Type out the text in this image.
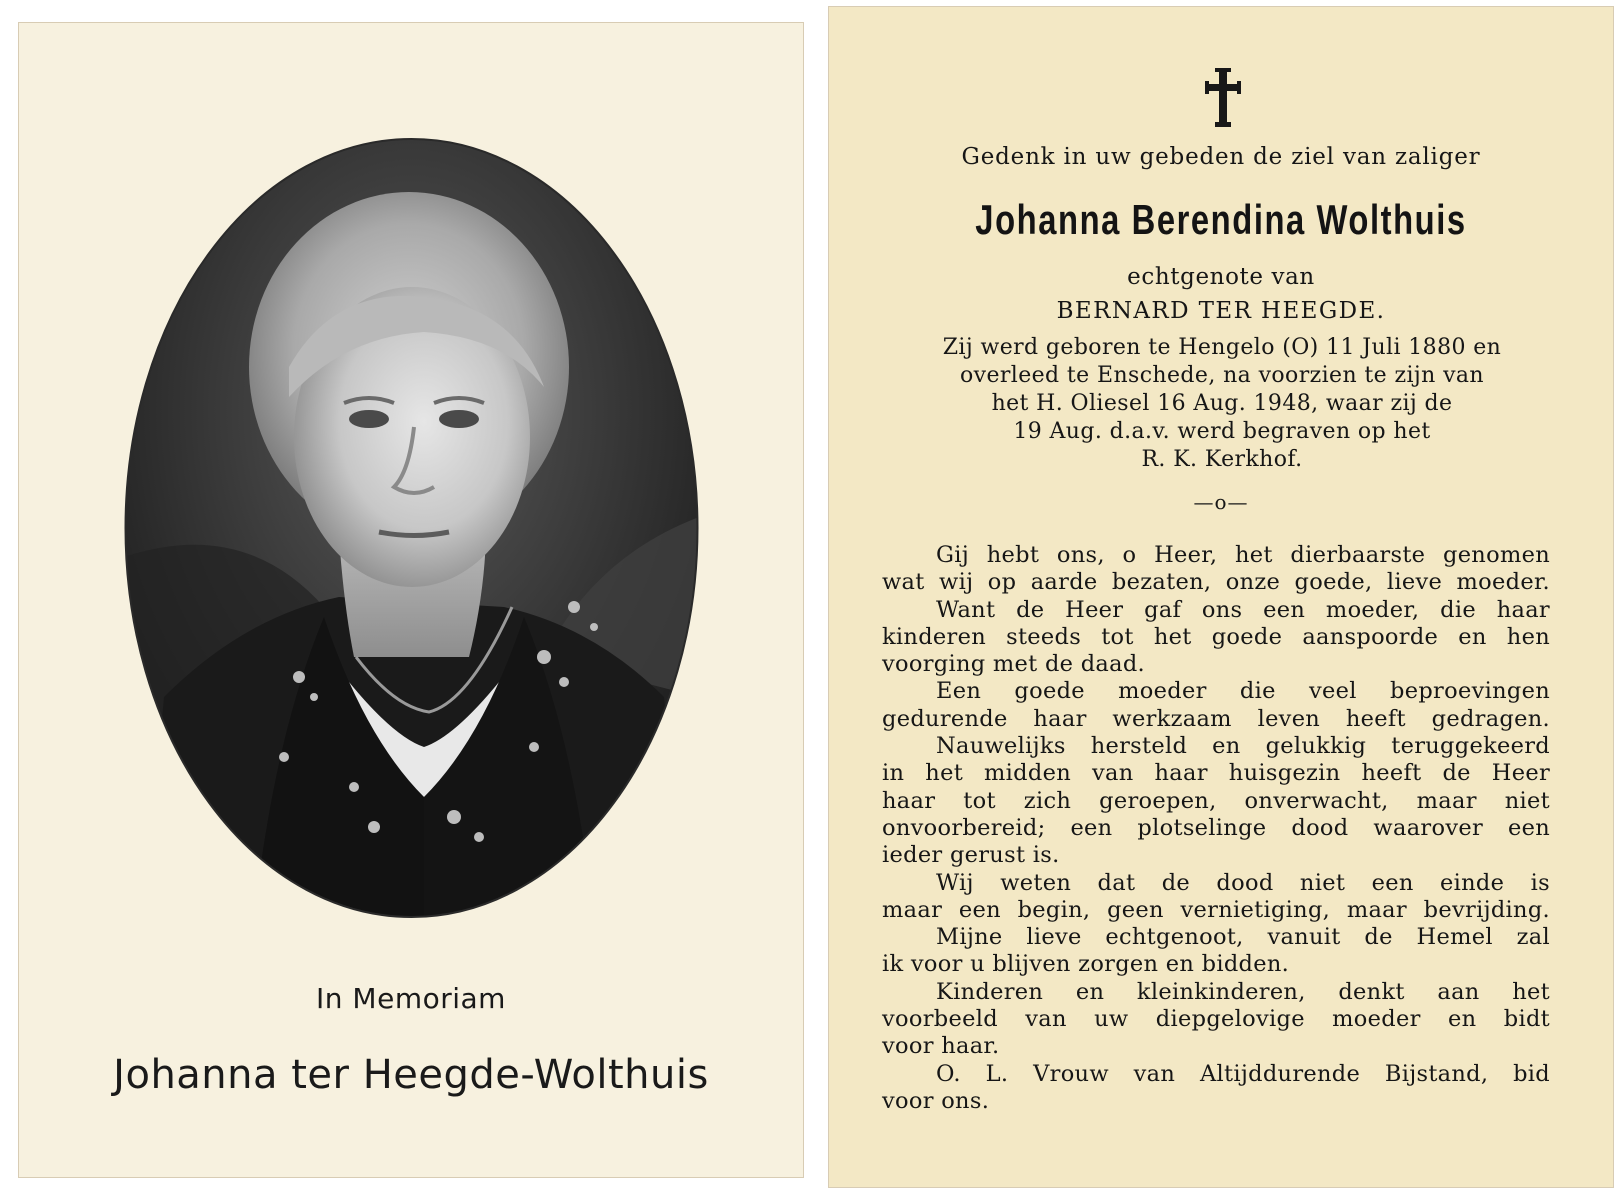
In Memoriam
Johanna ter Heegde-Wolthuis
Gedenk in uw gebeden de ziel van zaliger
Johanna Berendina Wolthuis
echtgenote van
BERNARD TER HEEGDE.
Zij werd geboren te Hengelo (O) 11 Juli 1880 en
overleed te Enschede, na voorzien te zijn van
het H. Oliesel 16 Aug. 1948, waar zij de
19 Aug. d.a.v. werd begraven op het
R. K. Kerkhof.
—o—
Gij hebt ons, o Heer, het dierbaarste genomen
wat wij op aarde bezaten, onze goede, lieve moeder.
Want de Heer gaf ons een moeder, die haar
kinderen steeds tot het goede aanspoorde en hen
voorging met de daad.
Een goede moeder die veel beproevingen
gedurende haar werkzaam leven heeft gedragen.
Nauwelijks hersteld en gelukkig teruggekeerd
in het midden van haar huisgezin heeft de Heer
haar tot zich geroepen, onverwacht, maar niet
onvoorbereid; een plotselinge dood waarover een
ieder gerust is.
Wij weten dat de dood niet een einde is
maar een begin, geen vernietiging, maar bevrijding.
Mijne lieve echtgenoot, vanuit de Hemel zal
ik voor u blijven zorgen en bidden.
Kinderen en kleinkinderen, denkt aan het
voorbeeld van uw diepgelovige moeder en bidt
voor haar.
O. L. Vrouw van Altijddurende Bijstand, bid
voor ons.
